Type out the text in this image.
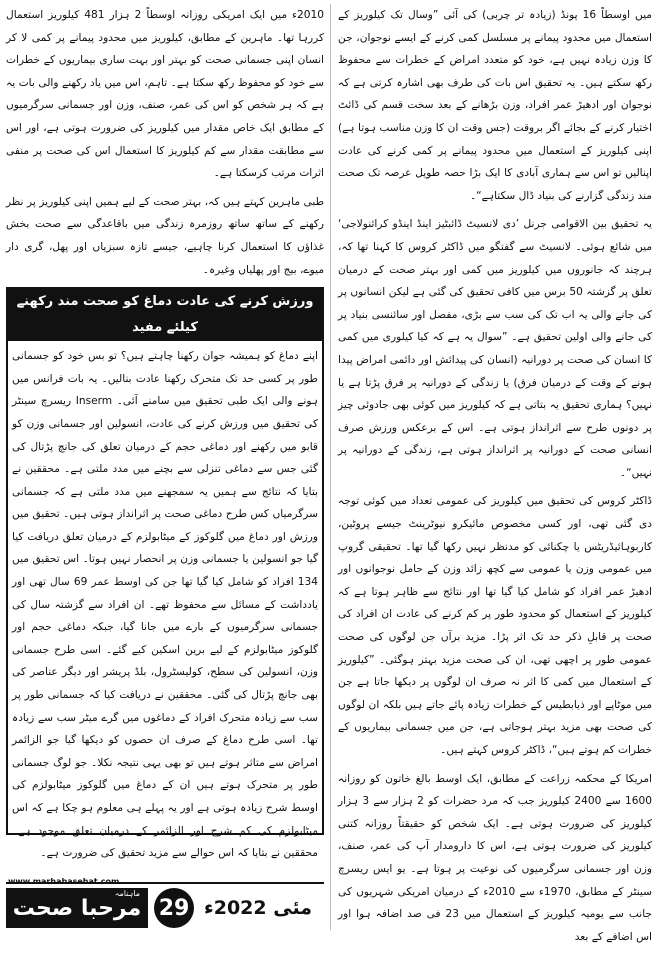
میں اوسطاً 16 پونڈ (زیادہ تر چربی) کی آئی ”وسال تک کیلوریز کے استعمال میں محدود پیمانے پر مسلسل کمی کرنے کے ایسے نوجوان، جن کا وزن زیادہ نہیں ہے، خود کو متعدد امراض کے خطرات سے محفوظ رکھ سکتے ہیں۔ یہ تحقیق اس بات کی طرف بھی اشارہ کرتی ہے کہ نوجوان اور ادھیڑ عمر افراد، وزن بڑھانے کے بعد سخت قسم کی ڈائٹ اختیار کرنے کے بجائے اگر بروقت (جس وقت ان کا وزن مناسب ہوتا ہے) اپنی کیلوریز کے استعمال میں محدود پیمانے پر کمی کرنے کی عادت اپنالیں تو اس سے ہماری آبادی کا ایک بڑا حصہ طویل عرصہ تک صحت مند زندگی گزارنے کی بنیاد ڈال سکتاہے“۔

یہ تحقیق بین الاقوامی جرنل ’دی لانسیٹ ڈائبٹیز اینڈ اینڈو کرائنولاجی‘ میں شائع ہوئی۔ لانسیٹ سے گفتگو میں ڈاکٹر کروس کا کہنا تھا کہ، ہرچند کہ جانوروں میں کیلوریز میں کمی اور بہتر صحت کے درمیان تعلق پر گزشتہ 50 برس میں کافی تحقیق کی گئی ہے لیکن انسانوں پر کی جانے والی یہ اب تک کی سب سے بڑی، مفصل اور سائنسی بنیاد پر کی جانے والی اولین تحقیق ہے۔ ”سوال یہ ہے کہ کیا کیلوری میں کمی کا انسان کی صحت پر دورانیہ (انسان کی پیدائش اور دائمی امراض پیدا ہونے کے وقت کے درمیان فرق) یا زندگی کے دورانیہ پر فرق پڑتا ہے یا نہیں؟ ہماری تحقیق یہ بتاتی ہے کہ کیلوریز میں کوئی بھی جادوئی چیز پر دونوں طرح سے اثرانداز ہوتی ہے۔ اس کے برعکس ورزش صرف انسانی صحت کے دورانیہ پر اثرانداز ہوتی ہے، زندگی کے دورانیہ پر نہیں“۔

ڈاکٹر کروس کی تحقیق میں کیلوریز کی عمومی تعداد میں کوئی توجہ دی گئی تھی، اور کسی مخصوص مائیکرو نیوٹرینٹ جیسے پروٹین، کاربوہائیڈریٹس یا چکنائی کو مدنظر نہیں رکھا گیا تھا۔ تحقیقی گروپ میں عمومی وزن یا عمومی سے کچھ زائد وزن کے حامل نوجوانوں اور ادھیڑ عمر افراد کو شامل کیا گیا تھا اور نتائج سے ظاہر ہوتا ہے کہ کیلوریز کے استعمال کو محدود طور پر کم کرنے کی عادت ان افراد کی صحت پر قابلِ ذکر حد تک اثر پڑا۔ مزید برآں جن لوگوں کی صحت عمومی طور پر اچھی تھی، ان کی صحت مزید بہتر ہوگئی۔ ”کیلوریز کے استعمال میں کمی کا اثر نہ صرف ان لوگوں پر دیکھا جاتا ہے جن میں موٹاپے اور ذیابطیس کے خطرات زیادہ پائے جاتے ہیں بلکہ ان لوگوں کی صحت بھی مزید بہتر ہوجاتی ہے، جن میں جسمانی بیماریوں کے خطرات کم ہوتے ہیں“، ڈاکٹر کروس کہتے ہیں۔

امریکا کے محکمہ زراعت کے مطابق، ایک اوسط بالغ خاتون کو روزانہ 1600 سے 2400 کیلوریز جب کہ مرد حضرات کو 2 ہزار سے 3 ہزار کیلوریز کی ضرورت ہوتی ہے۔ ایک شخص کو حقیقتاً روزانہ کتنی کیلوریز کی ضرورت ہوتی ہے، اس کا دارومدار آپ کی عمر، صنف، وزن اور جسمانی سرگرمیوں کی نوعیت پر ہوتا ہے۔ یو ایس ریسرچ سینٹر کے مطابق، 1970ء سے 2010ء کے درمیان امریکی شہریوں کی جانب سے یومیہ کیلوریز کے استعمال میں 23 فی صد اضافہ ہوا اور اس اضافے کے بعد

2010ء میں ایک امریکی روزانہ اوسطاً 2 ہزار 481 کیلوریز استعمال کررہا تھا۔ ماہرین کے مطابق، کیلوریز میں محدود پیمانے پر کمی لا کر انسان اپنی جسمانی صحت کو بہتر اور بہت ساری بیماریوں کے خطرات سے خود کو محفوظ رکھ سکتا ہے۔ تاہم، اس میں یاد رکھنے والی بات یہ ہے کہ ہر شخص کو اس کی عمر، صنف، وزن اور جسمانی سرگرمیوں کے مطابق ایک خاص مقدار میں کیلوریز کی ضرورت ہوتی ہے، اور اس سے مطابقت مقدار سے کم کیلوریز کا استعمال اس کی صحت پر منفی اثرات مرتب کرسکتا ہے۔

طبی ماہرین کہتے ہیں کہ، بہتر صحت کے لیے ہمیں اپنی کیلوریز پر نظر رکھنے کے ساتھ ساتھ روزمرہ زندگی میں باقاعدگی سے صحت بخش غذاؤں کا استعمال کرنا چاہیے، جیسے تازہ سبزیاں اور پھل، گری دار میوے، بیج اور پھلیاں وغیرہ۔

ورزش کرنے کی عادت دماغ کو صحت مند رکھنے کیلئے مفید

اپنے دماغ کو ہمیشہ جوان رکھنا چاہتے ہیں؟ تو بس خود کو جسمانی طور پر کسی حد تک متحرک رکھنا عادت بنالیں۔ یہ بات فرانس میں ہونے والی ایک طبی تحقیق میں سامنے آئی۔ Inserm ریسرچ سینٹر کی تحقیق میں ورزش کرنے کی عادت، انسولین اور جسمانی وزن کو قابو میں رکھنے اور دماغی حجم کے درمیان تعلق کی جانچ پڑتال کی گئی جس سے دماغی تنزلی سے بچنے میں مدد ملتی ہے۔ محققین نے بتایا کہ نتائج سے ہمیں یہ سمجھنے میں مدد ملتی ہے کہ جسمانی سرگرمیاں کس طرح دماغی صحت پر اثرانداز ہوتی ہیں۔ تحقیق میں ورزش اور دماغ میں گلوکوز کے میٹابولزم کے درمیان تعلق دریافت کیا گیا جو انسولین یا جسمانی وزن پر انحصار نہیں ہوتا۔ اس تحقیق میں 134 افراد کو شامل کیا گیا تھا جن کی اوسط عمر 69 سال تھی اور یادداشت کے مسائل سے محفوظ تھے۔ ان افراد سے گزشتہ سال کی جسمانی سرگرمیوں کے بارے میں جانا گیا، جبکہ دماغی حجم اور گلوکوز میٹابولزم کے لیے برین اسکین کیے گئے۔ اسی طرح جسمانی وزن، انسولین کی سطح، کولیسٹرول، بلڈ پریشر اور دیگر عناصر کی بھی جانچ پڑتال کی گئی۔ محققین نے دریافت کیا کہ جسمانی طور پر سب سے زیادہ متحرک افراد کے دماغوں میں گرے میٹر سب سے زیادہ تھا۔ اسی طرح دماغ کے صرف ان حصوں کو دیکھا گیا جو الزائمر امراض سے متاثر ہوتے ہیں تو بھی یہی نتیجہ نکلا۔ جو لوگ جسمانی طور پر متحرک ہوتے ہیں ان کے دماغ میں گلوکوز میٹابولزم کی اوسط شرح زیادہ ہوتی ہے اور یہ پہلے ہی معلوم ہو چکا ہے کہ اس میٹابولزم کی کم شرح اور الزائمر کے درمیان تعلق موجود ہے۔ محققین نے بتایا کہ اس حوالے سے مزید تحقیق کی ضرورت ہے۔

www.marhabasehat.com
ماہنامہ
مرحبا صحت 29 مئی 2022ء
